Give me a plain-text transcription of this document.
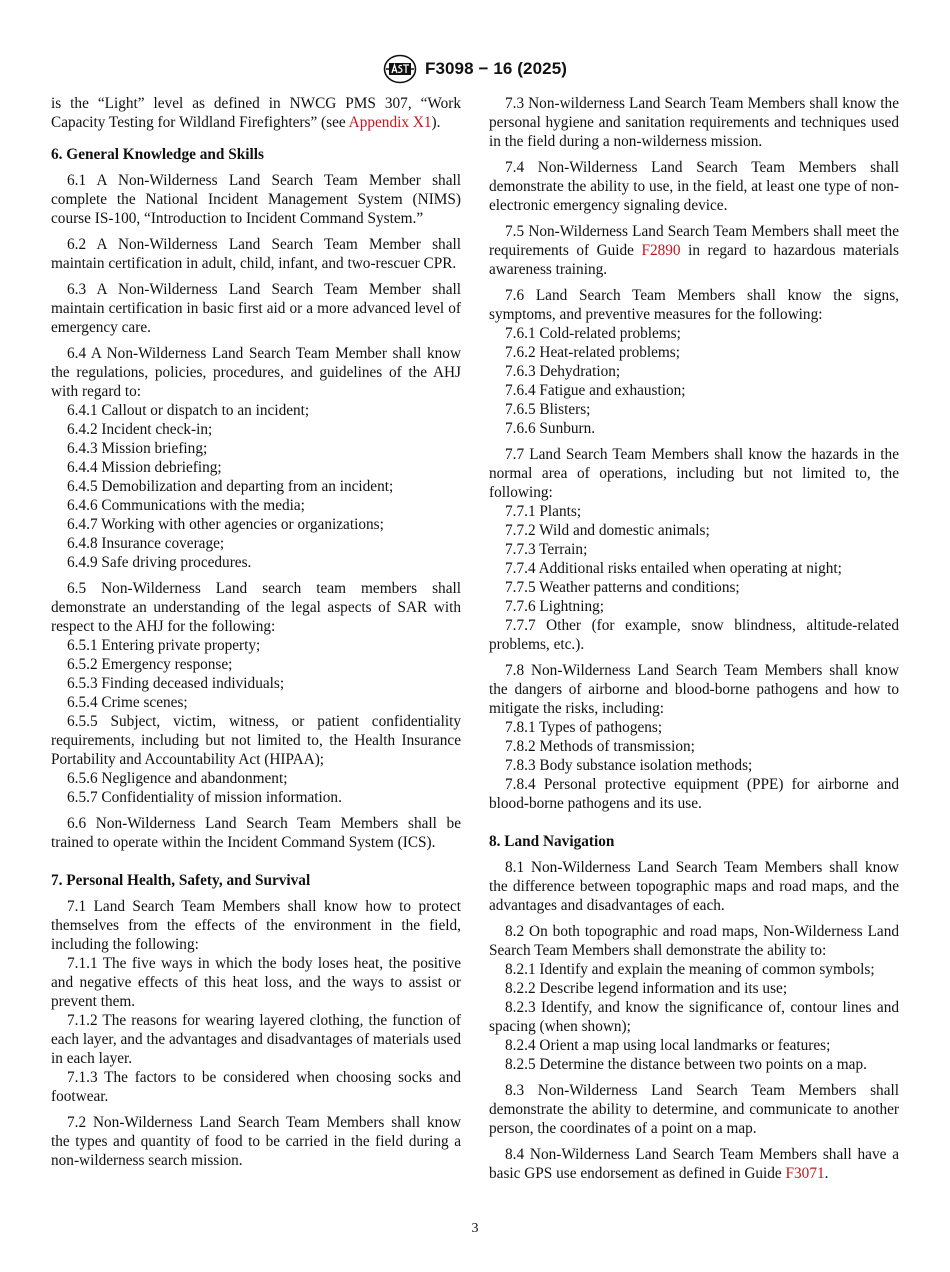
F3098 − 16 (2025)

is the “Light” level as defined in NWCG PMS 307, “Work Capacity Testing for Wildland Firefighters” (see Appendix X1).

6. General Knowledge and Skills

6.1 A Non-Wilderness Land Search Team Member shall complete the National Incident Management System (NIMS) course IS-100, “Introduction to Incident Command System.”

6.2 A Non-Wilderness Land Search Team Member shall maintain certification in adult, child, infant, and two-rescuer CPR.

6.3 A Non-Wilderness Land Search Team Member shall maintain certification in basic first aid or a more advanced level of emergency care.

6.4 A Non-Wilderness Land Search Team Member shall know the regulations, policies, procedures, and guidelines of the AHJ with regard to:

6.4.1 Callout or dispatch to an incident;

6.4.2 Incident check-in;

6.4.3 Mission briefing;

6.4.4 Mission debriefing;

6.4.5 Demobilization and departing from an incident;

6.4.6 Communications with the media;

6.4.7 Working with other agencies or organizations;

6.4.8 Insurance coverage;

6.4.9 Safe driving procedures.

6.5 Non-Wilderness Land search team members shall demonstrate an understanding of the legal aspects of SAR with respect to the AHJ for the following:

6.5.1 Entering private property;

6.5.2 Emergency response;

6.5.3 Finding deceased individuals;

6.5.4 Crime scenes;

6.5.5 Subject, victim, witness, or patient confidentiality requirements, including but not limited to, the Health Insurance Portability and Accountability Act (HIPAA);

6.5.6 Negligence and abandonment;

6.5.7 Confidentiality of mission information.

6.6 Non-Wilderness Land Search Team Members shall be trained to operate within the Incident Command System (ICS).

7. Personal Health, Safety, and Survival

7.1 Land Search Team Members shall know how to protect themselves from the effects of the environment in the field, including the following:

7.1.1 The five ways in which the body loses heat, the positive and negative effects of this heat loss, and the ways to assist or prevent them.

7.1.2 The reasons for wearing layered clothing, the function of each layer, and the advantages and disadvantages of materials used in each layer.

7.1.3 The factors to be considered when choosing socks and footwear.

7.2 Non-Wilderness Land Search Team Members shall know the types and quantity of food to be carried in the field during a non-wilderness search mission.

7.3 Non-wilderness Land Search Team Members shall know the personal hygiene and sanitation requirements and techniques used in the field during a non-wilderness mission.

7.4 Non-Wilderness Land Search Team Members shall demonstrate the ability to use, in the field, at least one type of non-electronic emergency signaling device.

7.5 Non-Wilderness Land Search Team Members shall meet the requirements of Guide F2890 in regard to hazardous materials awareness training.

7.6 Land Search Team Members shall know the signs, symptoms, and preventive measures for the following:

7.6.1 Cold-related problems;

7.6.2 Heat-related problems;

7.6.3 Dehydration;

7.6.4 Fatigue and exhaustion;

7.6.5 Blisters;

7.6.6 Sunburn.

7.7 Land Search Team Members shall know the hazards in the normal area of operations, including but not limited to, the following:

7.7.1 Plants;

7.7.2 Wild and domestic animals;

7.7.3 Terrain;

7.7.4 Additional risks entailed when operating at night;

7.7.5 Weather patterns and conditions;

7.7.6 Lightning;

7.7.7 Other (for example, snow blindness, altitude-related problems, etc.).

7.8 Non-Wilderness Land Search Team Members shall know the dangers of airborne and blood-borne pathogens and how to mitigate the risks, including:

7.8.1 Types of pathogens;

7.8.2 Methods of transmission;

7.8.3 Body substance isolation methods;

7.8.4 Personal protective equipment (PPE) for airborne and blood-borne pathogens and its use.

8. Land Navigation

8.1 Non-Wilderness Land Search Team Members shall know the difference between topographic maps and road maps, and the advantages and disadvantages of each.

8.2 On both topographic and road maps, Non-Wilderness Land Search Team Members shall demonstrate the ability to:

8.2.1 Identify and explain the meaning of common symbols;

8.2.2 Describe legend information and its use;

8.2.3 Identify, and know the significance of, contour lines and spacing (when shown);

8.2.4 Orient a map using local landmarks or features;

8.2.5 Determine the distance between two points on a map.

8.3 Non-Wilderness Land Search Team Members shall demonstrate the ability to determine, and communicate to another person, the coordinates of a point on a map.

8.4 Non-Wilderness Land Search Team Members shall have a basic GPS use endorsement as defined in Guide F3071.

3
